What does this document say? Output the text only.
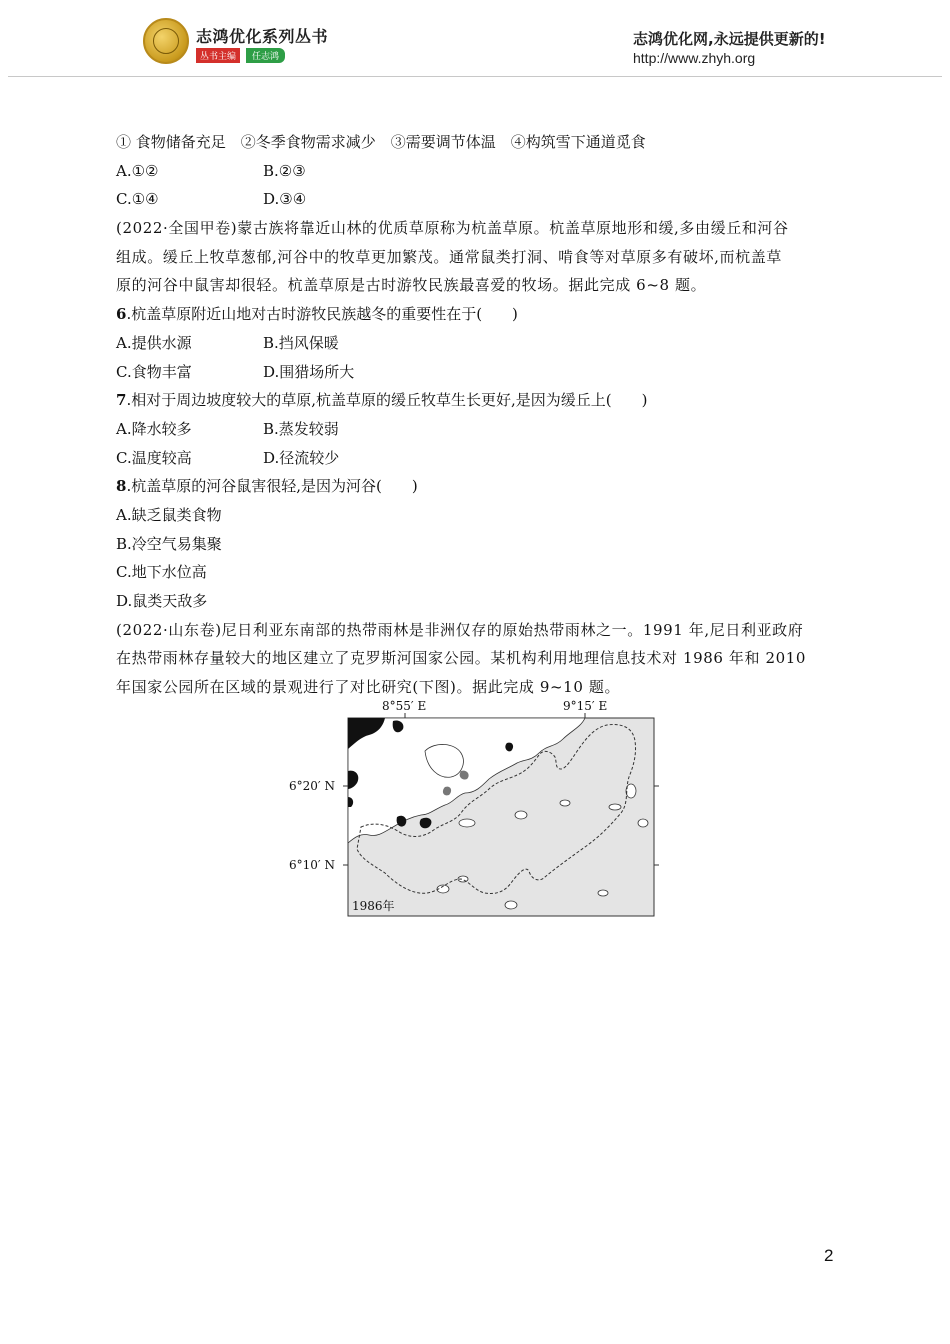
志鸿优化系列丛书
丛书主编	任志鸿
志鸿优化网,永远提供更新的!
http://www.zhyh.org
① 食物储备充足　②冬季食物需求减少　③需要调节体温　④构筑雪下通道觅食
A.①②	B.②③
C.①④	D.③④
(2022·全国甲卷)蒙古族将靠近山林的优质草原称为杭盖草原。杭盖草原地形和缓,多由缓丘和河谷
组成。缓丘上牧草葱郁,河谷中的牧草更加繁茂。通常鼠类打洞、啃食等对草原多有破坏,而杭盖草
原的河谷中鼠害却很轻。杭盖草原是古时游牧民族最喜爱的牧场。据此完成 6~8 题。
6.杭盖草原附近山地对古时游牧民族越冬的重要性在于(　　)
A.提供水源	B.挡风保暖
C.食物丰富	D.围猎场所大
7.相对于周边坡度较大的草原,杭盖草原的缓丘牧草生长更好,是因为缓丘上(　　)
A.降水较多	B.蒸发较弱
C.温度较高	D.径流较少
8.杭盖草原的河谷鼠害很轻,是因为河谷(　　)
A.缺乏鼠类食物
B.冷空气易集聚
C.地下水位高
D.鼠类天敌多
(2022·山东卷)尼日利亚东南部的热带雨林是非洲仅存的原始热带雨林之一。1991 年,尼日利亚政府
在热带雨林存量较大的地区建立了克罗斯河国家公园。某机构利用地理信息技术对 1986 年和 2010
年国家公园所在区域的景观进行了对比研究(下图)。据此完成 9~10 题。
8°55′ E	9°15′ E
6°20′ N
6°10′ N
1986年
2
